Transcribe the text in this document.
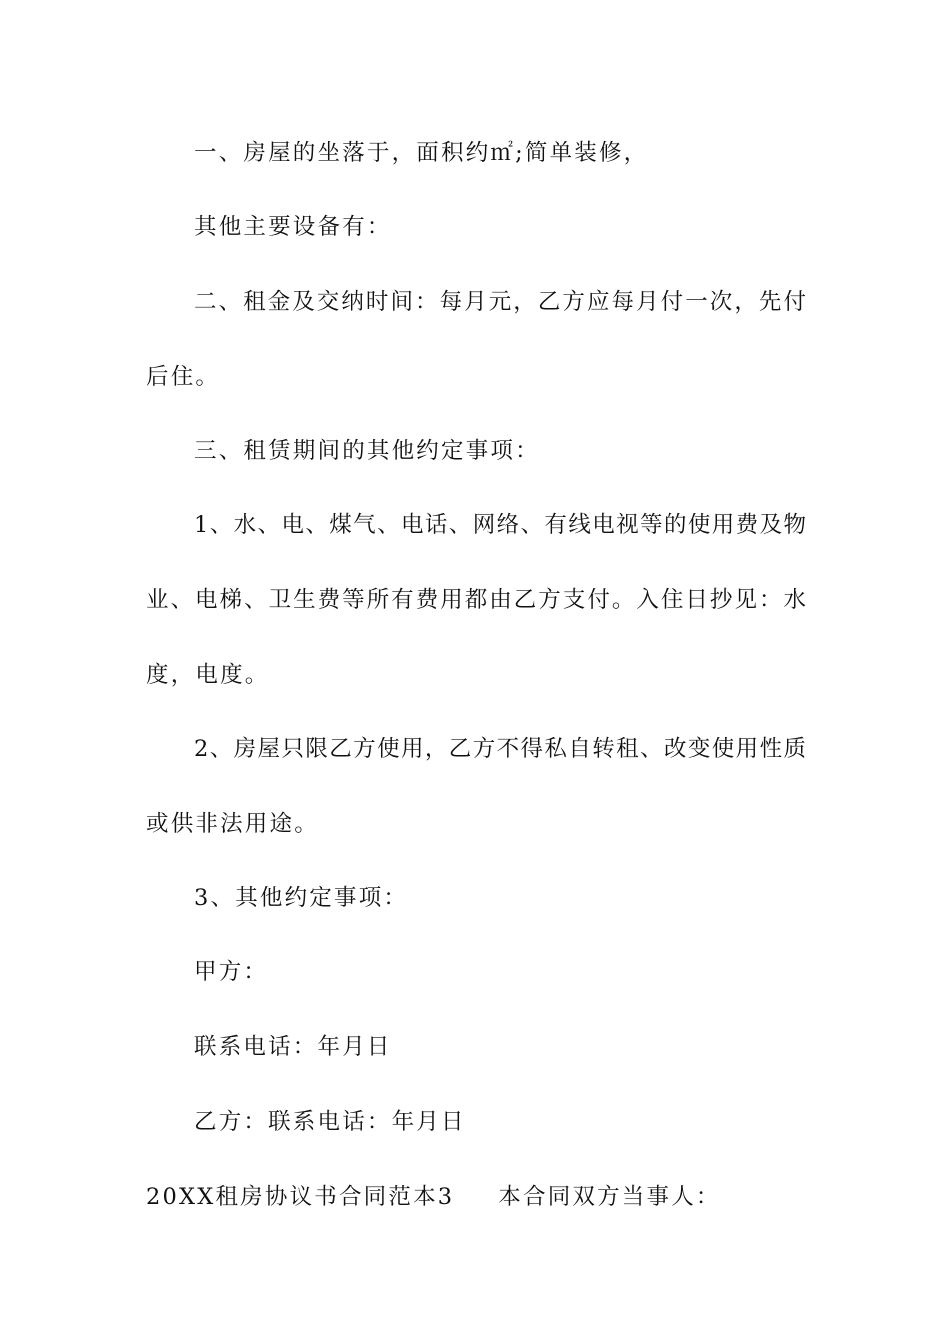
一、房屋的坐落于，面积约㎡;简单装修，
其他主要设备有：
二、租金及交纳时间：每月元，乙方应每月付一次，先付
后住。
三、租赁期间的其他约定事项：
1、水、电、煤气、电话、网络、有线电视等的使用费及物
业、电梯、卫生费等所有费用都由乙方支付。入住日抄见：水
度，电度。
2、房屋只限乙方使用，乙方不得私自转租、改变使用性质
或供非法用途。
3、其他约定事项：
甲方：
联系电话：年月日
乙方：联系电话：年月日
20XX租房协议书合同范本3 本合同双方当事人：
